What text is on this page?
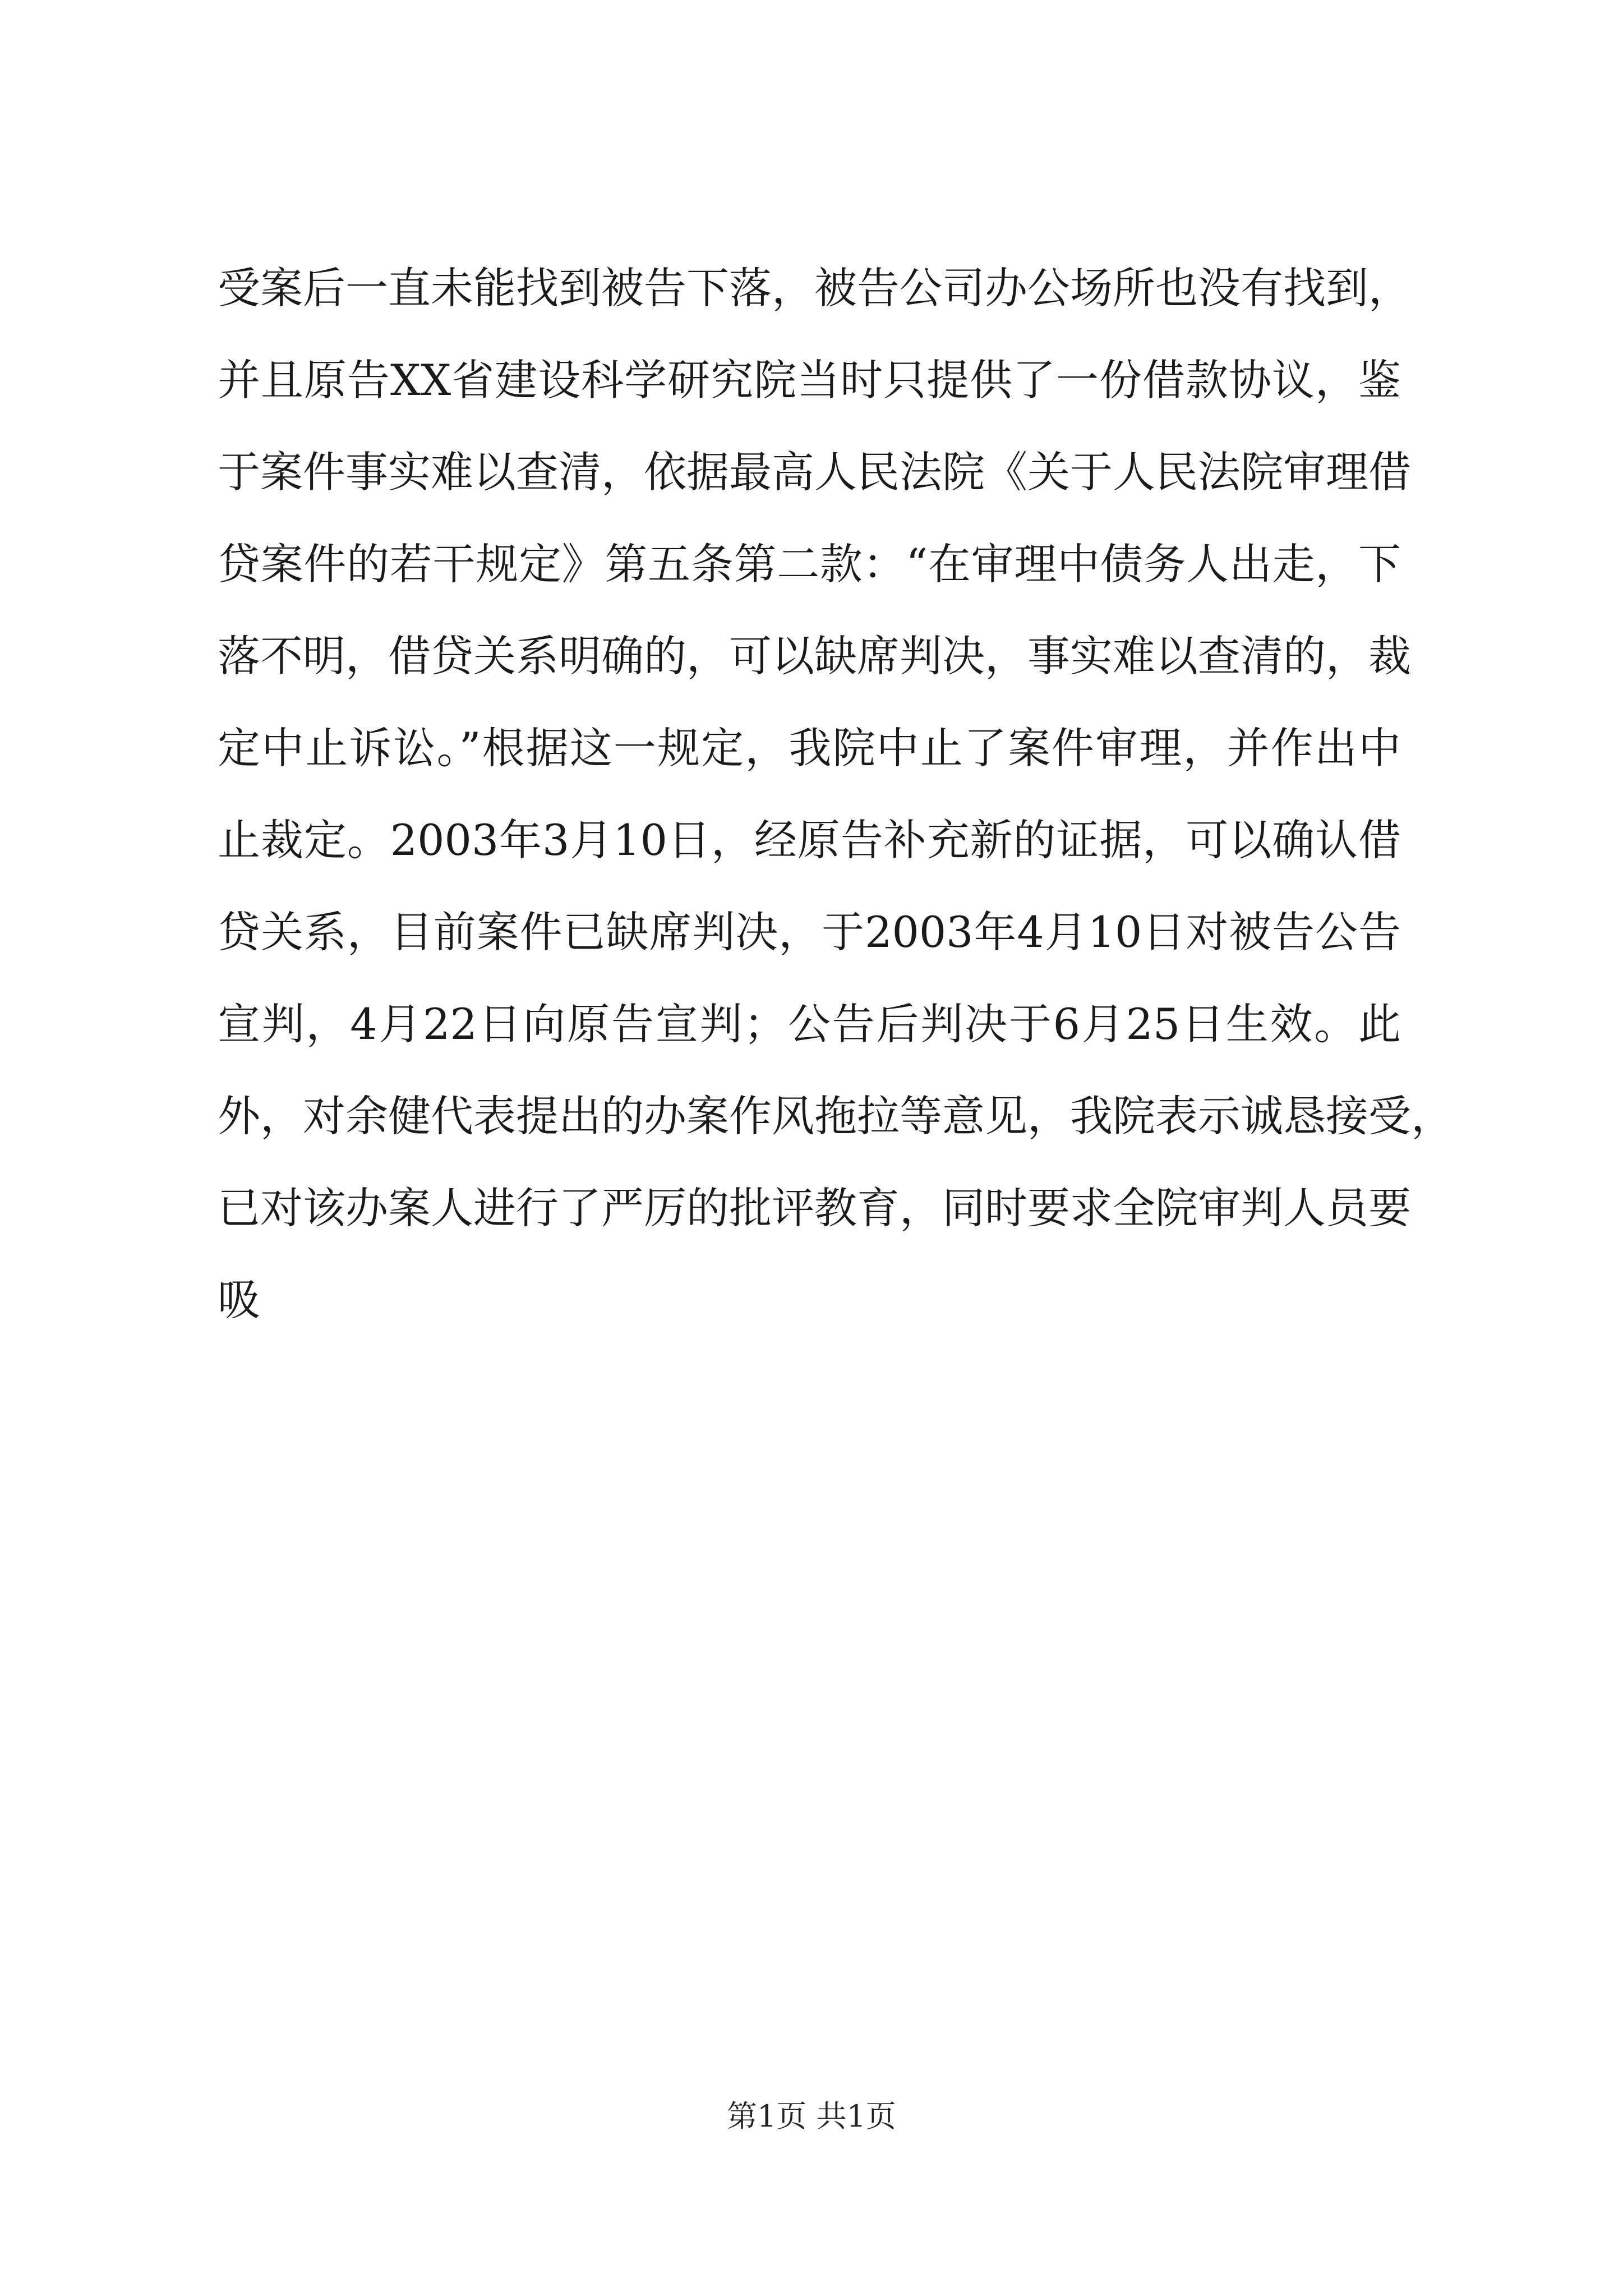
受案后一直未能找到被告下落，被告公司办公场所也没有找到，
并且原告XX省建设科学研究院当时只提供了一份借款协议，鉴
于案件事实难以查清，依据最高人民法院《关于人民法院审理借
贷案件的若干规定》第五条第二款：“在审理中债务人出走，下
落不明，借贷关系明确的，可以缺席判决，事实难以查清的，裁
定中止诉讼。”根据这一规定，我院中止了案件审理，并作出中
止裁定。2003年3月10日，经原告补充新的证据，可以确认借
贷关系，目前案件已缺席判决，于2003年4月10日对被告公告
宣判，4月22日向原告宣判；公告后判决于6月25日生效。此
外，对余健代表提出的办案作风拖拉等意见，我院表示诚恳接受，
已对该办案人进行了严厉的批评教育，同时要求全院审判人员要
吸
第1页 共1页
